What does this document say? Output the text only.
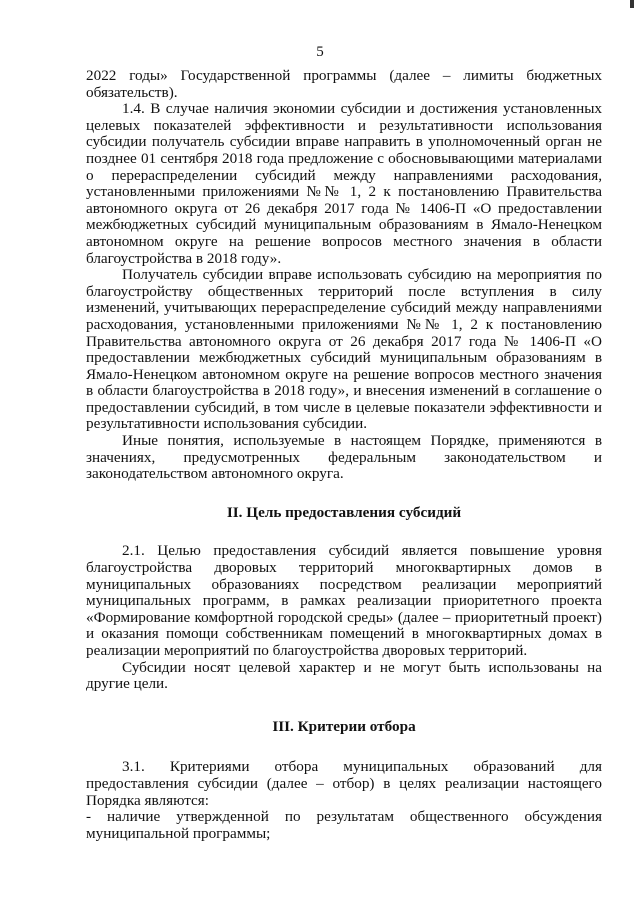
5

2022 годы» Государственной программы (далее – лимиты бюджетных обязательств).

1.4. В случае наличия экономии субсидии и достижения установленных целевых показателей эффективности и результативности использования субсидии получатель субсидии вправе направить в уполномоченный орган не позднее 01 сентября 2018 года предложение с обосновывающими материалами о перераспределении субсидий между направлениями расходования, установленными приложениями №№ 1, 2 к постановлению Правительства автономного округа от 26 декабря 2017 года № 1406-П «О предоставлении межбюджетных субсидий муниципальным образованиям в Ямало-Ненецком автономном округе на решение вопросов местного значения в области благоустройства в 2018 году».

Получатель субсидии вправе использовать субсидию на мероприятия по благоустройству общественных территорий после вступления в силу изменений, учитывающих перераспределение субсидий между направлениями расходования, установленными приложениями №№ 1, 2 к постановлению Правительства автономного округа от 26 декабря 2017 года № 1406-П «О предоставлении межбюджетных субсидий муниципальным образованиям в Ямало-Ненецком автономном округе на решение вопросов местного значения в области благоустройства в 2018 году», и внесения изменений в соглашение о предоставлении субсидий, в том числе в целевые показатели эффективности и результативности использования субсидии.

Иные понятия, используемые в настоящем Порядке, применяются в значениях, предусмотренных федеральным законодательством и законодательством автономного округа.

II. Цель предоставления субсидий

2.1. Целью предоставления субсидий является повышение уровня благоустройства дворовых территорий многоквартирных домов в муниципальных образованиях посредством реализации мероприятий муниципальных программ, в рамках реализации приоритетного проекта «Формирование комфортной городской среды» (далее – приоритетный проект) и оказания помощи собственникам помещений в многоквартирных домах в реализации мероприятий по благоустройства дворовых территорий.

Субсидии носят целевой характер и не могут быть использованы на другие цели.

III. Критерии отбора

3.1. Критериями отбора муниципальных образований для предоставления субсидии (далее – отбор) в целях реализации настоящего Порядка являются:

- наличие утвержденной по результатам общественного обсуждения муниципальной программы;
